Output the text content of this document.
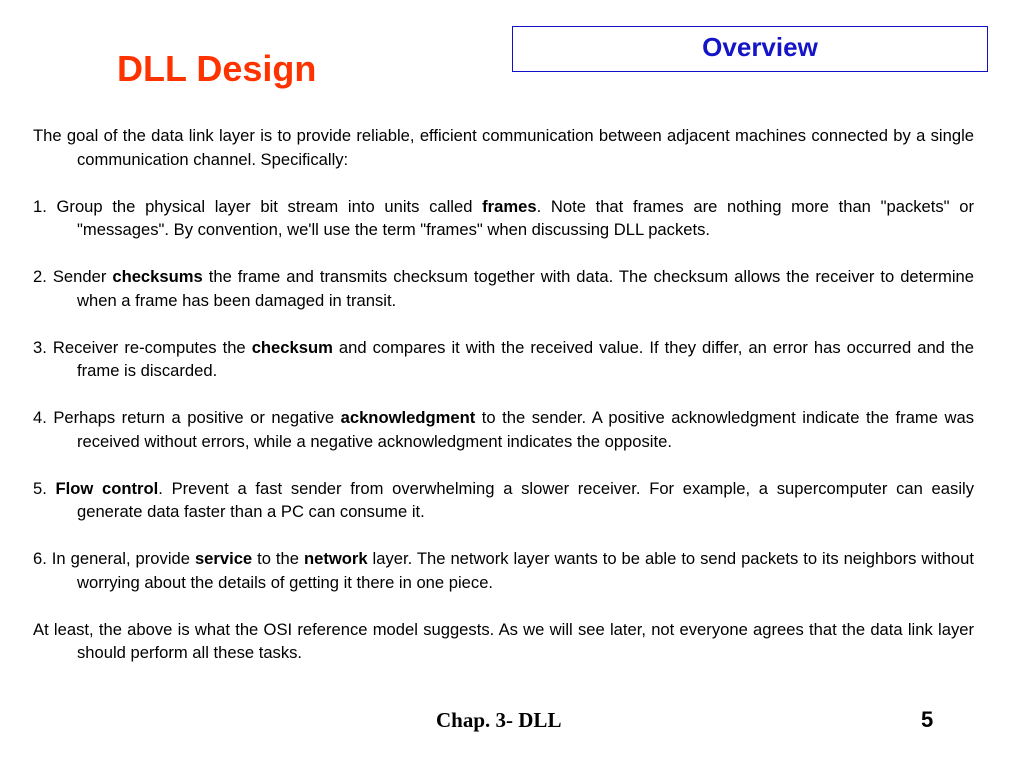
Overview
DLL Design

The goal of the data link layer is to provide reliable, efficient communication between adjacent machines connected by a single communication channel. Specifically:

1. Group the physical layer bit stream into units called frames. Note that frames are nothing more than "packets" or "messages". By convention, we'll use the term "frames" when discussing DLL packets.

2. Sender checksums the frame and transmits checksum together with data. The checksum allows the receiver to determine when a frame has been damaged in transit.

3. Receiver re-computes the checksum and compares it with the received value. If they differ, an error has occurred and the frame is discarded.

4. Perhaps return a positive or negative acknowledgment to the sender. A positive acknowledgment indicate the frame was received without errors, while a negative acknowledgment indicates the opposite.

5. Flow control. Prevent a fast sender from overwhelming a slower receiver. For example, a supercomputer can easily generate data faster than a PC can consume it.

6. In general, provide service to the network layer. The network layer wants to be able to send packets to its neighbors without worrying about the details of getting it there in one piece.

At least, the above is what the OSI reference model suggests. As we will see later, not everyone agrees that the data link layer should perform all these tasks.

Chap. 3- DLL	5
